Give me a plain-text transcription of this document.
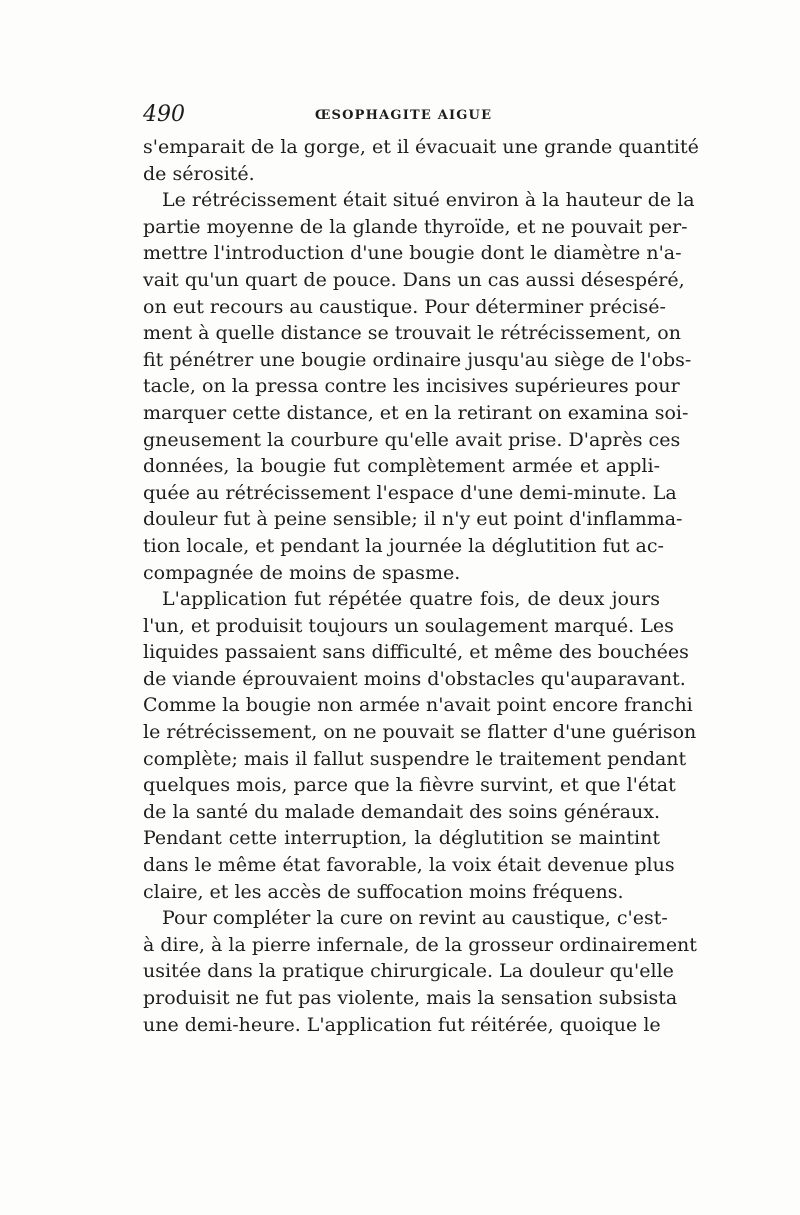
490	ŒSOPHAGITE AIGUE
s'emparait de la gorge, et il évacuait une grande quantité
de sérosité.
Le rétrécissement était situé environ à la hauteur de la
partie moyenne de la glande thyroïde, et ne pouvait per-
mettre l'introduction d'une bougie dont le diamètre n'a-
vait qu'un quart de pouce. Dans un cas aussi désespéré,
on eut recours au caustique. Pour déterminer précisé-
ment à quelle distance se trouvait le rétrécissement, on
fit pénétrer une bougie ordinaire jusqu'au siège de l'obs-
tacle, on la pressa contre les incisives supérieures pour
marquer cette distance, et en la retirant on examina soi-
gneusement la courbure qu'elle avait prise. D'après ces
données, la bougie fut complètement armée et appli-
quée au rétrécissement l'espace d'une demi-minute. La
douleur fut à peine sensible; il n'y eut point d'inflamma-
tion locale, et pendant la journée la déglutition fut ac-
compagnée de moins de spasme.
L'application fut répétée quatre fois, de deux jours
l'un, et produisit toujours un soulagement marqué. Les
liquides passaient sans difficulté, et même des bouchées
de viande éprouvaient moins d'obstacles qu'auparavant.
Comme la bougie non armée n'avait point encore franchi
le rétrécissement, on ne pouvait se flatter d'une guérison
complète; mais il fallut suspendre le traitement pendant
quelques mois, parce que la fièvre survint, et que l'état
de la santé du malade demandait des soins généraux.
Pendant cette interruption, la déglutition se maintint
dans le même état favorable, la voix était devenue plus
claire, et les accès de suffocation moins fréquens.
Pour compléter la cure on revint au caustique, c'est-
à dire, à la pierre infernale, de la grosseur ordinairement
usitée dans la pratique chirurgicale. La douleur qu'elle
produisit ne fut pas violente, mais la sensation subsista
une demi-heure. L'application fut réitérée, quoique le
